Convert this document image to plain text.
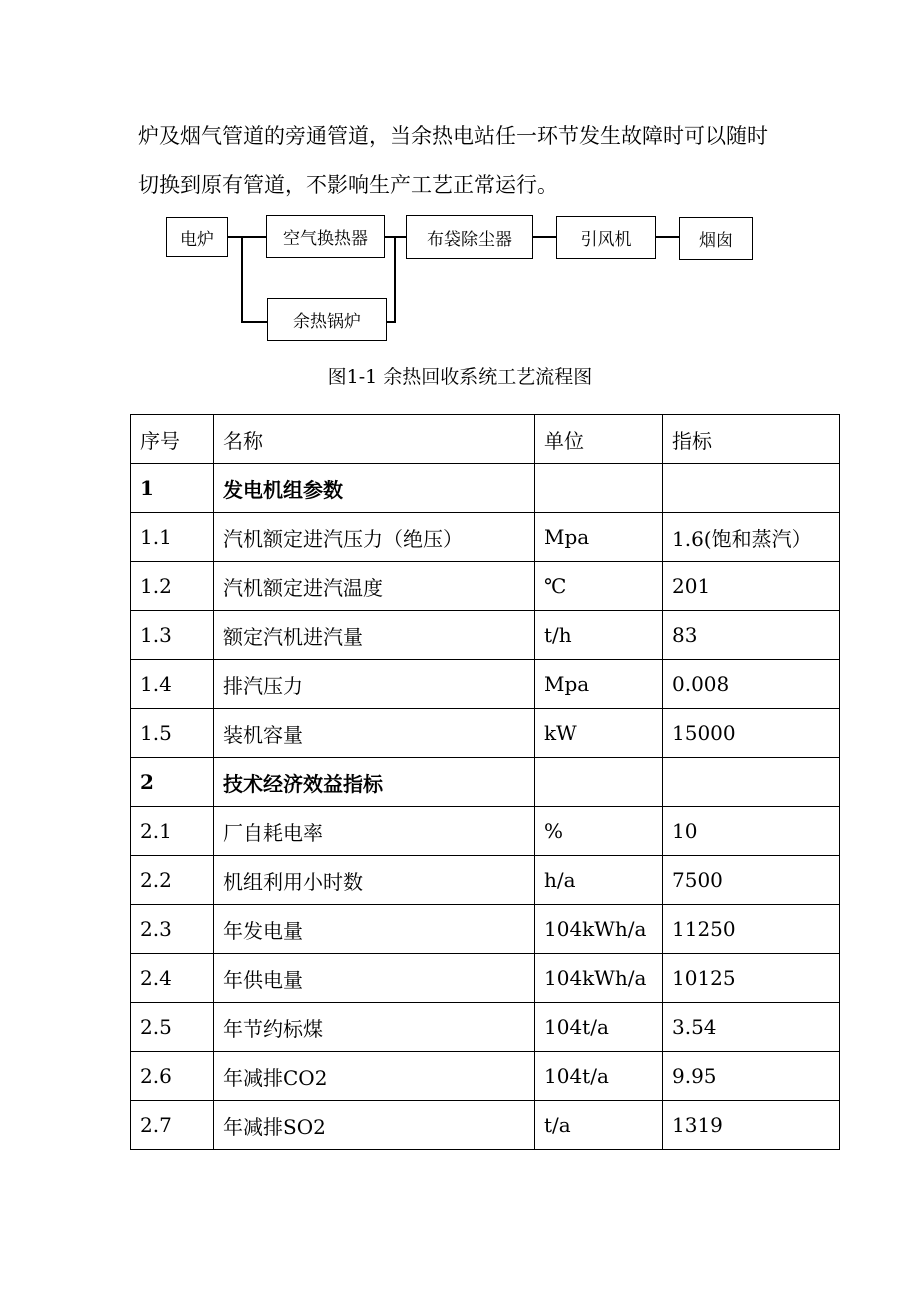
炉及烟气管道的旁通管道，当余热电站任一环节发生故障时可以随时
切换到原有管道，不影响生产工艺正常运行。
电炉	空气换热器	布袋除尘器	引风机	烟囱
余热锅炉
图1-1 余热回收系统工艺流程图
序号	名称	单位	指标
1	发电机组参数		
1.1	汽机额定进汽压力（绝压）	Mpa	1.6(饱和蒸汽）
1.2	汽机额定进汽温度	℃	201
1.3	额定汽机进汽量	t/h	83
1.4	排汽压力	Mpa	0.008
1.5	装机容量	kW	15000
2	技术经济效益指标		
2.1	厂自耗电率	%	10
2.2	机组利用小时数	h/a	7500
2.3	年发电量	104kWh/a	11250
2.4	年供电量	104kWh/a	10125
2.5	年节约标煤	104t/a	3.54
2.6	年减排CO2	104t/a	9.95
2.7	年减排SO2	t/a	1319
